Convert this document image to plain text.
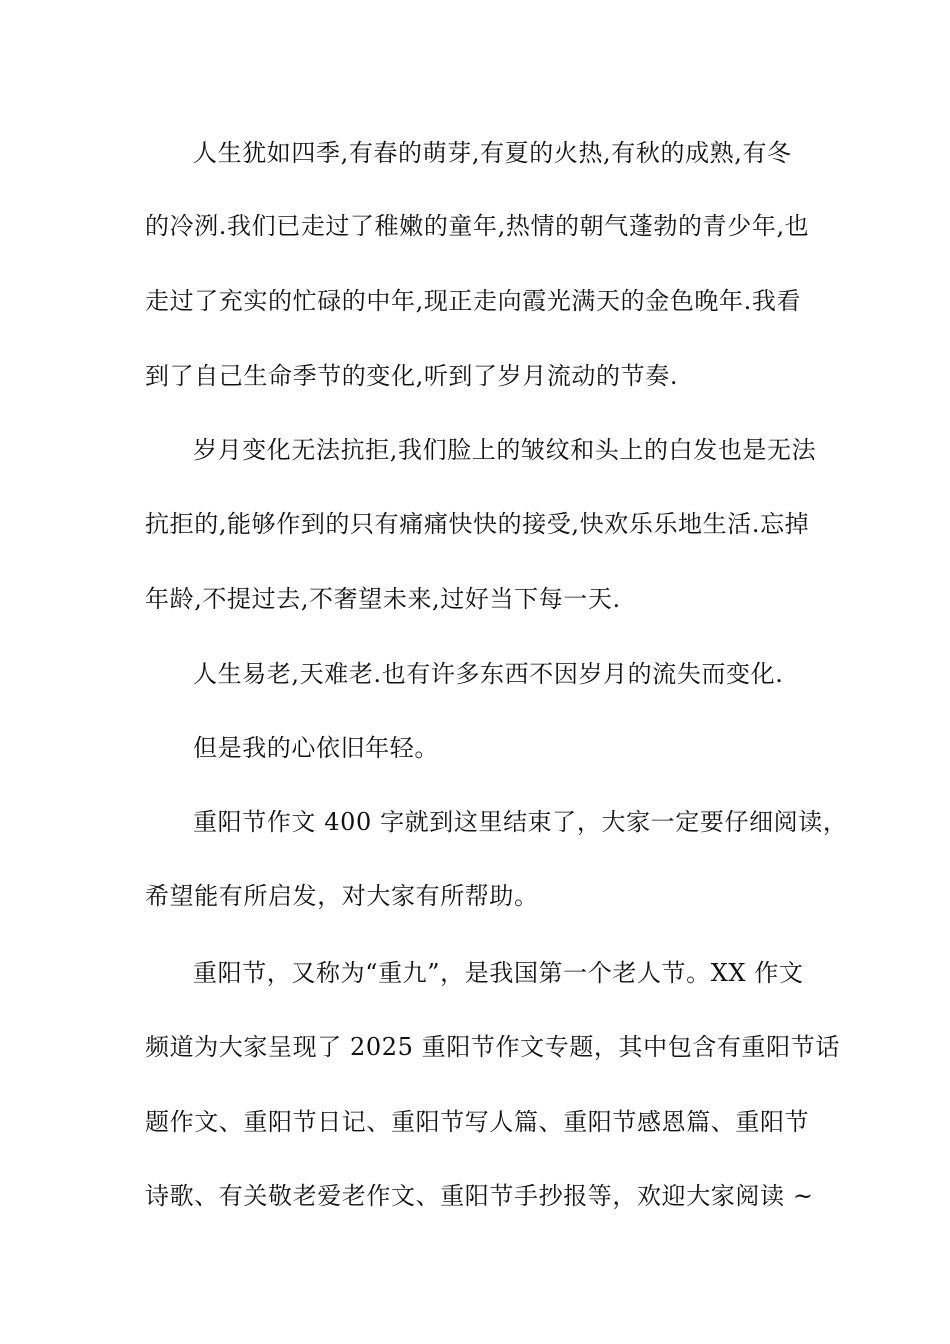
人生犹如四季,有春的萌芽,有夏的火热,有秋的成熟,有冬
的冷洌.我们已走过了稚嫩的童年,热情的朝气蓬勃的青少年,也
走过了充实的忙碌的中年,现正走向霞光满天的金色晚年.我看
到了自己生命季节的变化,听到了岁月流动的节奏.
岁月变化无法抗拒,我们脸上的皱纹和头上的白发也是无法
抗拒的,能够作到的只有痛痛快快的接受,快欢乐乐地生活.忘掉
年龄,不提过去,不奢望未来,过好当下每一天.
人生易老,天难老.也有许多东西不因岁月的流失而变化.
但是我的心依旧年轻。
重阳节作文 400 字就到这里结束了，大家一定要仔细阅读，
希望能有所启发，对大家有所帮助。
重阳节，又称为“重九”，是我国第一个老人节。XX 作文
频道为大家呈现了 2025 重阳节作文专题，其中包含有重阳节话
题作文、重阳节日记、重阳节写人篇、重阳节感恩篇、重阳节
诗歌、有关敬老爱老作文、重阳节手抄报等，欢迎大家阅读 ~
